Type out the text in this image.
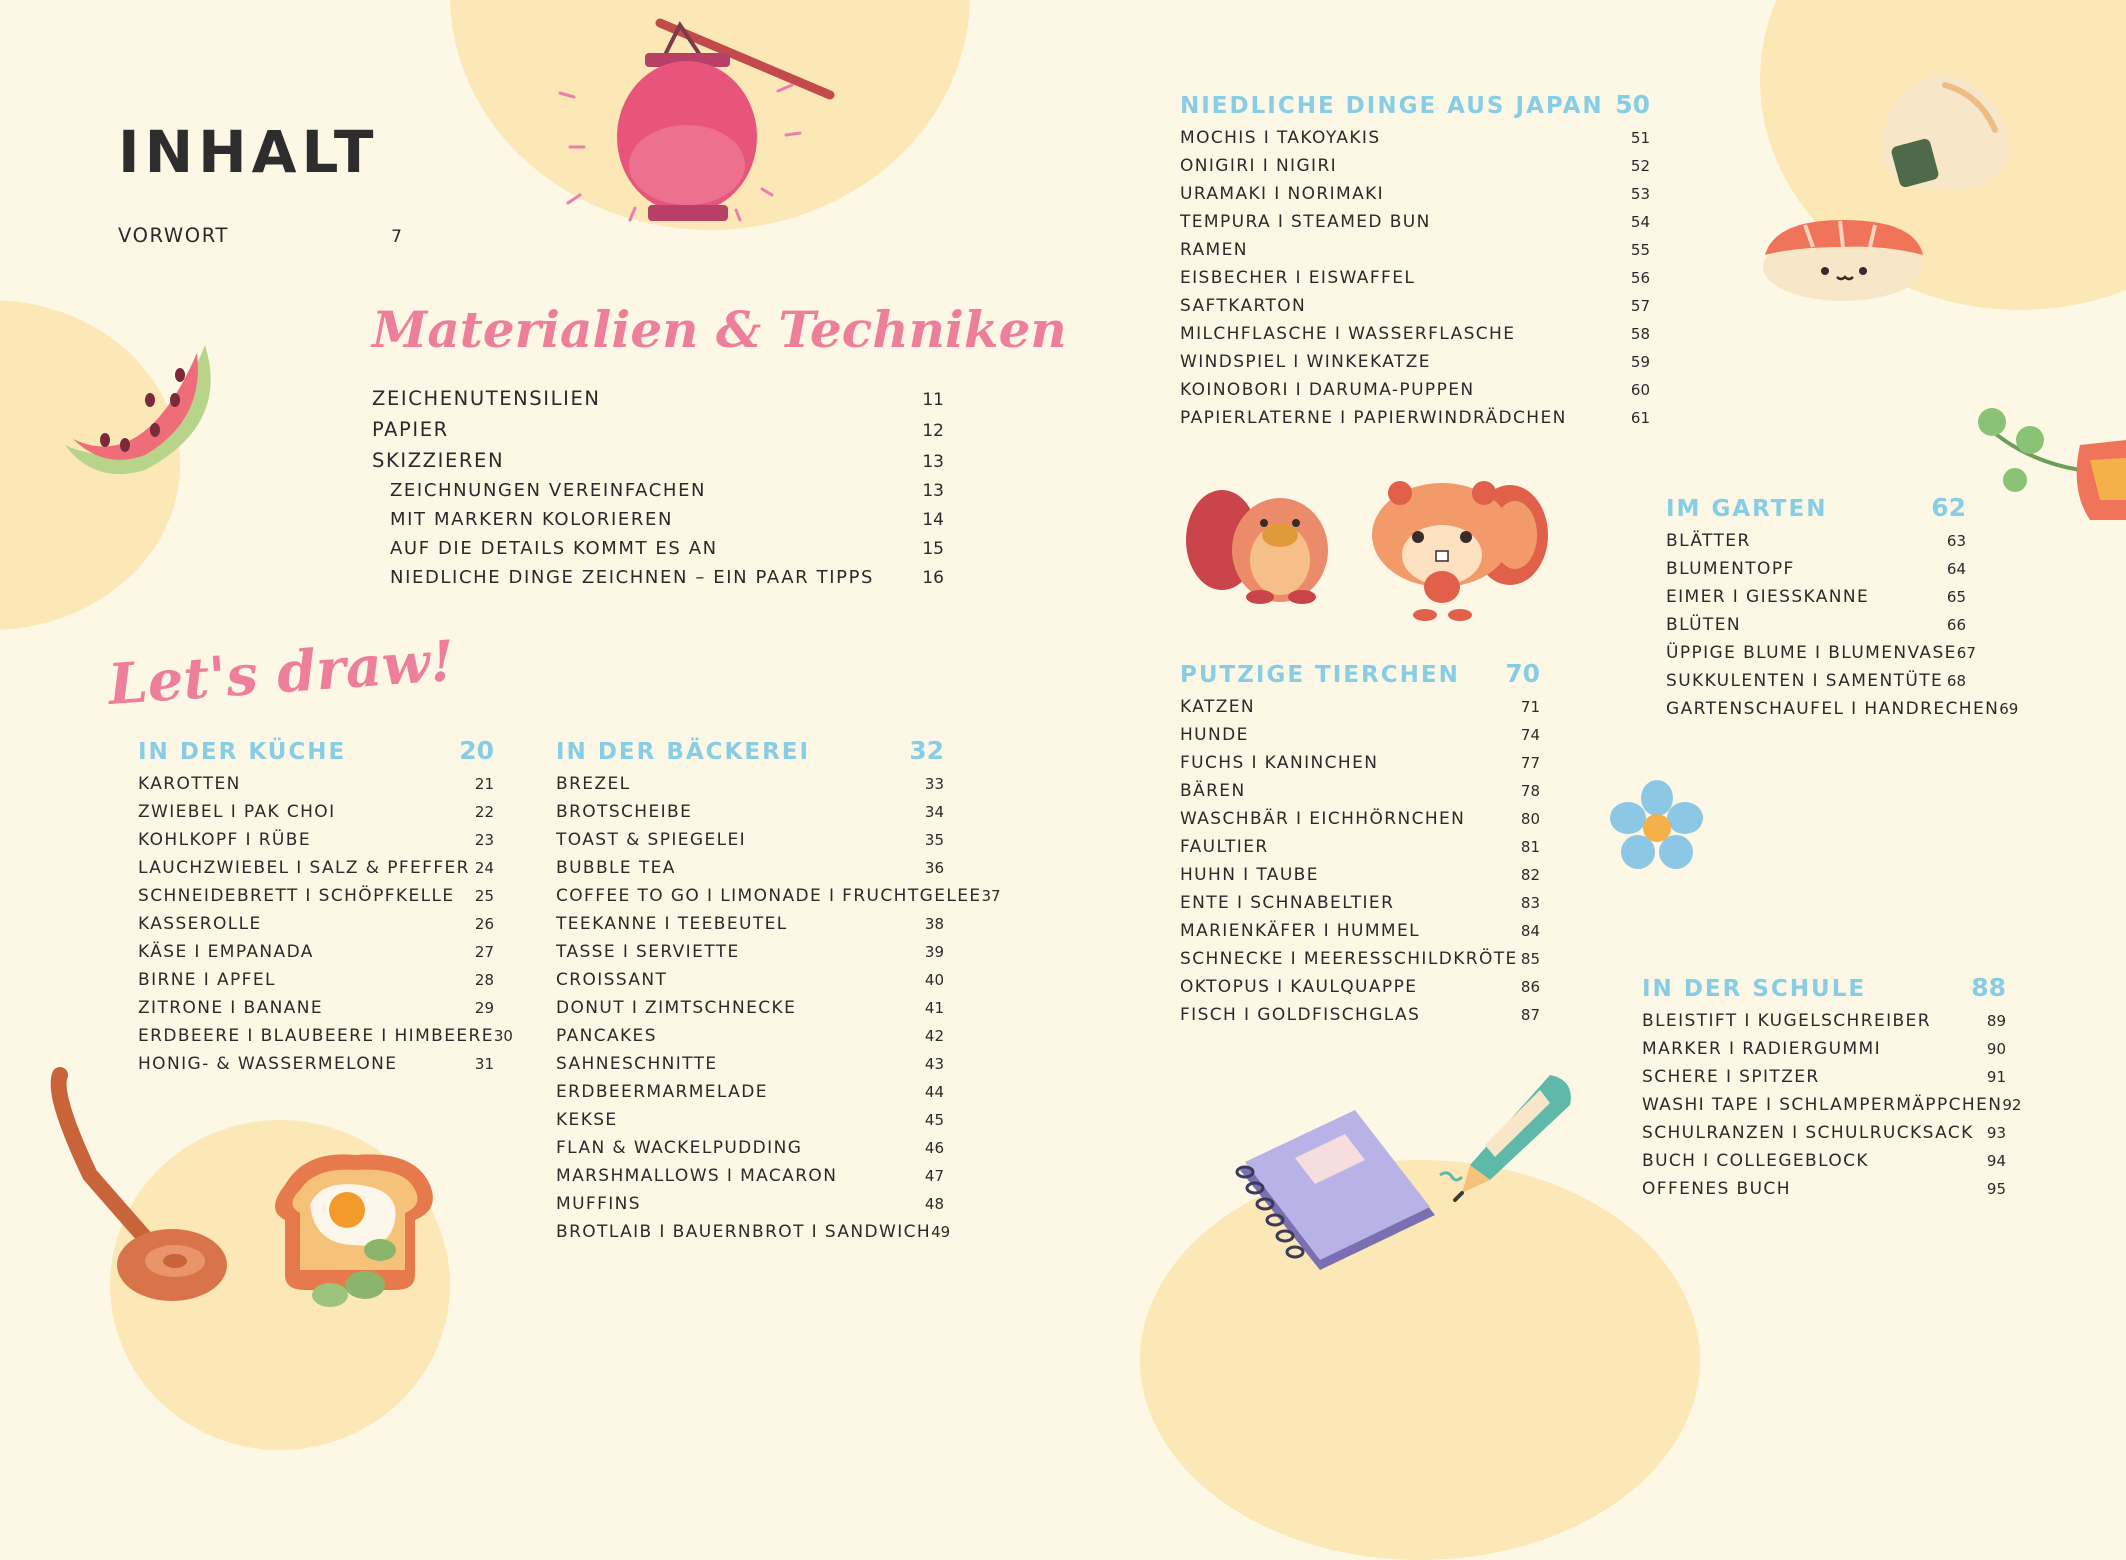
INHALT
VORWORT	7
Materialien & Techniken
ZEICHENUTENSILIEN	11
PAPIER	12
SKIZZIEREN	13
ZEICHNUNGEN VEREINFACHEN	13
MIT MARKERN KOLORIEREN	14
AUF DIE DETAILS KOMMT ES AN	15
NIEDLICHE DINGE ZEICHNEN – EIN PAAR TIPPS	16
Let's draw!
IN DER KÜCHE	20
KAROTTEN	21
ZWIEBEL I PAK CHOI	22
KOHLKOPF I RÜBE	23
LAUCHZWIEBEL I SALZ & PFEFFER 24
SCHNEIDEBRETT I SCHÖPFKELLE 25
KASSEROLLE	26
KÄSE I EMPANADA	27
BIRNE I APFEL	28
ZITRONE I BANANE	29
ERDBEERE I BLAUBEERE I HIMBEERE 30
HONIG- & WASSERMELONE	31
IN DER BÄCKEREI	32
BREZEL	33
BROTSCHEIBE	34
TOAST & SPIEGELEI	35
BUBBLE TEA	36
COFFEE TO GO I LIMONADE I FRUCHTGELEE 37
TEEKANNE I TEEBEUTEL	38
TASSE I SERVIETTE	39
CROISSANT	40
DONUT I ZIMTSCHNECKE	41
PANCAKES	42
SAHNESCHNITTE	43
ERDBEERMARMELADE	44
KEKSE	45
FLAN & WACKELPUDDING	46
MARSHMALLOWS I MACARON	47
MUFFINS	48
BROTLAIB I BAUERNBROT I SANDWICH 49
NIEDLICHE DINGE AUS JAPAN 50
MOCHIS I TAKOYAKIS	51
ONIGIRI I NIGIRI	52
URAMAKI I NORIMAKI	53
TEMPURA I STEAMED BUN	54
RAMEN	55
EISBECHER I EISWAFFEL	56
SAFTKARTON	57
MILCHFLASCHE I WASSERFLASCHE	58
WINDSPIEL I WINKEKATZE	59
KOINOBORI I DARUMA-PUPPEN	60
PAPIERLATERNE I PAPIERWINDRÄDCHEN	61
IM GARTEN	62
BLÄTTER	63
BLUMENTOPF	64
EIMER I GIESSKANNE	65
BLÜTEN	66
ÜPPIGE BLUME I BLUMENVASE 67
SUKKULENTEN I SAMENTÜTE 68
GARTENSCHAUFEL I HANDRECHEN 69
PUTZIGE TIERCHEN 70
KATZEN	71
HUNDE	74
FUCHS I KANINCHEN	77
BÄREN	78
WASCHBÄR I EICHHÖRNCHEN	80
FAULTIER	81
HUHN I TAUBE	82
ENTE I SCHNABELTIER	83
MARIENKÄFER I HUMMEL	84
SCHNECKE I MEERESSCHILDKRÖTE 85
OKTOPUS I KAULQUAPPE	86
FISCH I GOLDFISCHGLAS	87
IN DER SCHULE	88
BLEISTIFT I KUGELSCHREIBER	89
MARKER I RADIERGUMMI	90
SCHERE I SPITZER	91
WASHI TAPE I SCHLAMPERMÄPPCHEN 92
SCHULRANZEN I SCHULRUCKSACK 93
BUCH I COLLEGEBLOCK	94
OFFENES BUCH	95
